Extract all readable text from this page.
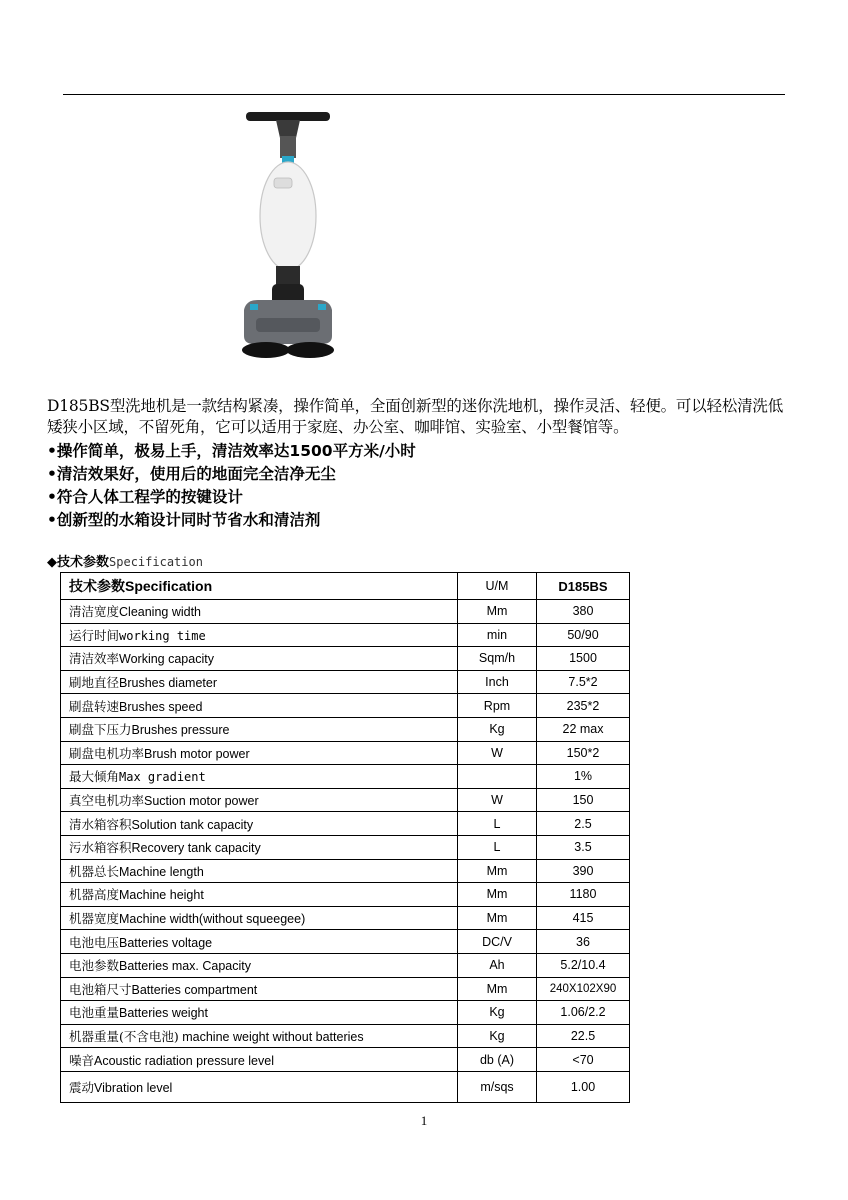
D185BS型洗地机是一款结构紧凑，操作简单，全面创新型的迷你洗地机，操作灵活、轻便。可以轻松清洗低矮狭小区域，不留死角，它可以适用于家庭、办公室、咖啡馆、实验室、小型餐馆等。
•操作简单，极易上手，清洁效率达1500平方米/小时
•清洁效果好，使用后的地面完全洁净无尘
•符合人体工程学的按键设计
•创新型的水箱设计同时节省水和清洁剂
◆技术参数Specification
技术参数Specification	U/M	D185BS
清洁宽度Cleaning width	Mm	380
运行时间working time	min	50/90
清洁效率Working capacity	Sqm/h	1500
刷地直径Brushes diameter	Inch	7.5*2
刷盘转速Brushes speed	Rpm	235*2
刷盘下压力Brushes pressure	Kg	22 max
刷盘电机功率Brush motor power	W	150*2
最大倾角Max gradient		1%
真空电机功率Suction motor power	W	150
清水箱容积Solution tank capacity	L	2.5
污水箱容积Recovery tank capacity	L	3.5
机器总长Machine length	Mm	390
机器高度Machine height	Mm	1180
机器宽度Machine width(without squeegee)	Mm	415
电池电压Batteries voltage	DC/V	36
电池参数Batteries max. Capacity	Ah	5.2/10.4
电池箱尺寸Batteries compartment	Mm	240X102X90
电池重量Batteries weight	Kg	1.06/2.2
机器重量(不含电池) machine weight without batteries	Kg	22.5
噪音Acoustic radiation pressure level	db (A)	<70
震动Vibration level	m/sqs	1.00
1
